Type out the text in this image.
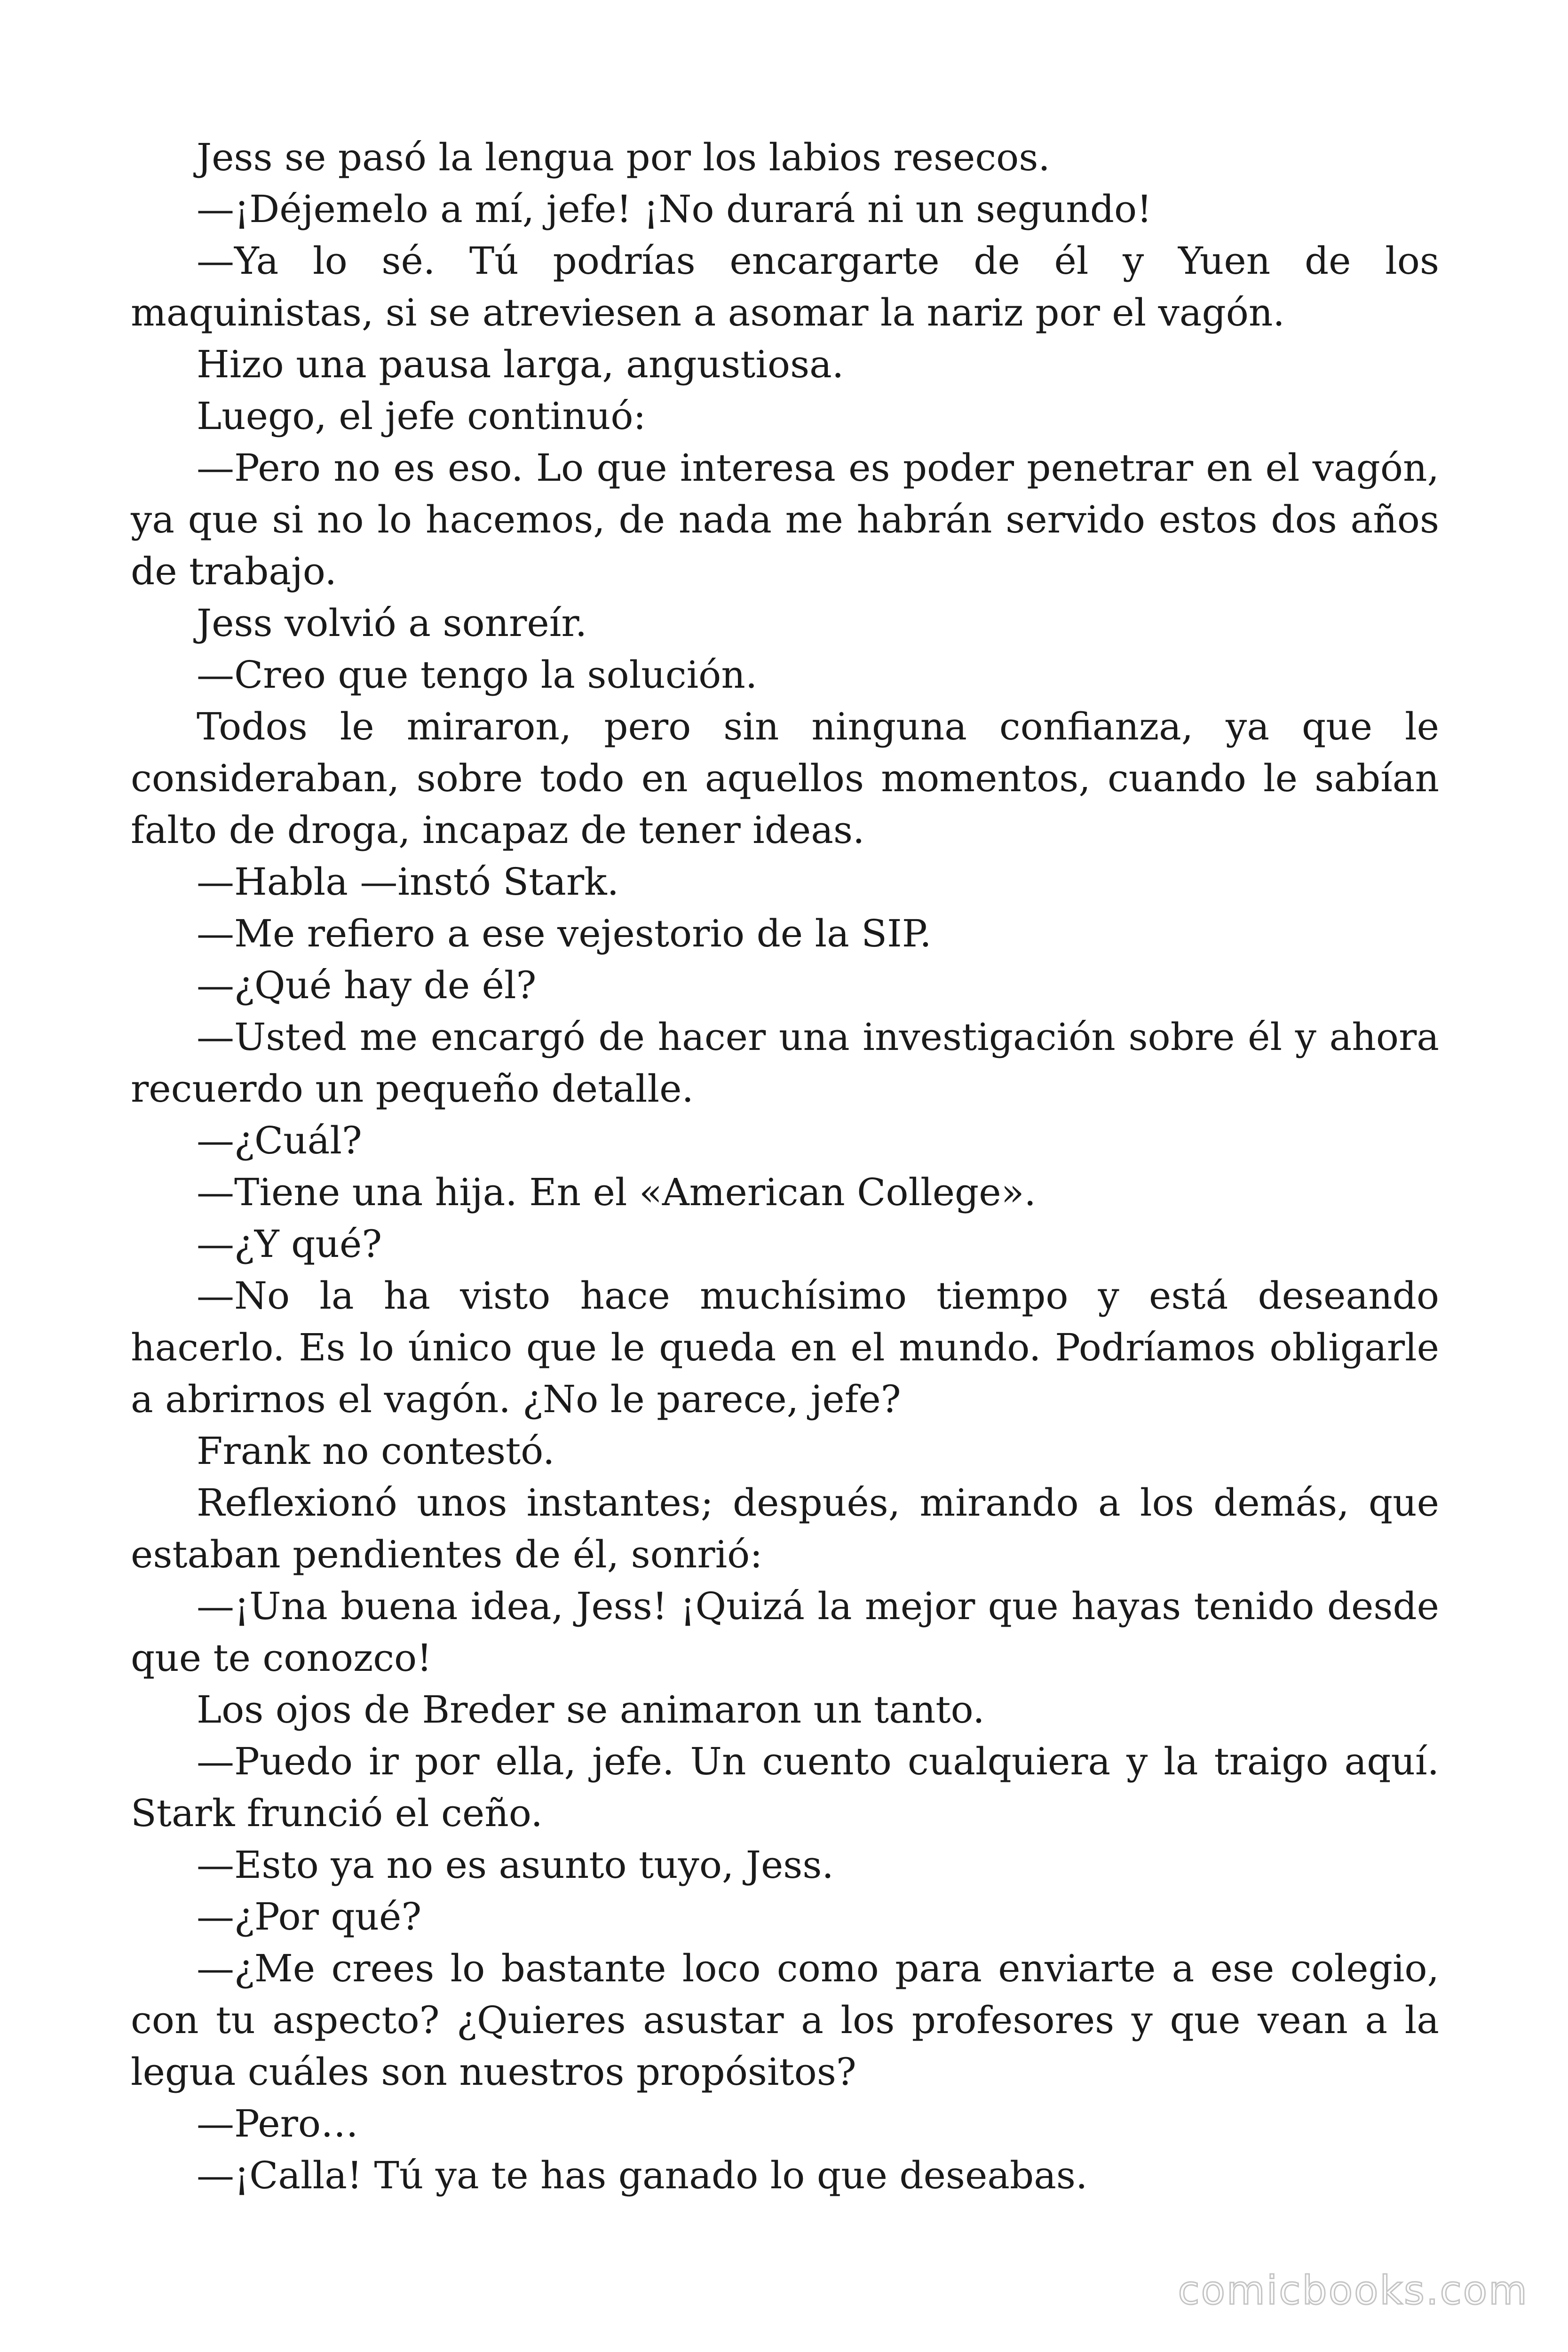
Jess se pasó la lengua por los labios resecos.

—¡Déjemelo a mí, jefe! ¡No durará ni un segundo!

—Ya lo sé. Tú podrías encargarte de él y Yuen de los maquinistas, si se atreviesen a asomar la nariz por el vagón.

Hizo una pausa larga, angustiosa.

Luego, el jefe continuó:

—Pero no es eso. Lo que interesa es poder penetrar en el vagón, ya que si no lo hacemos, de nada me habrán servido estos dos años de trabajo.

Jess volvió a sonreír.

—Creo que tengo la solución.

Todos le miraron, pero sin ninguna confianza, ya que le consideraban, sobre todo en aquellos momentos, cuando le sabían falto de droga, incapaz de tener ideas.

—Habla —instó Stark.

—Me refiero a ese vejestorio de la SIP.

—¿Qué hay de él?

—Usted me encargó de hacer una investigación sobre él y ahora recuerdo un pequeño detalle.

—¿Cuál?

—Tiene una hija. En el «American College».

—¿Y qué?

—No la ha visto hace muchísimo tiempo y está deseando hacerlo. Es lo único que le queda en el mundo. Podríamos obligarle a abrirnos el vagón. ¿No le parece, jefe?

Frank no contestó.

Reflexionó unos instantes; después, mirando a los demás, que estaban pendientes de él, sonrió:

—¡Una buena idea, Jess! ¡Quizá la mejor que hayas tenido desde que te conozco!

Los ojos de Breder se animaron un tanto.

—Puedo ir por ella, jefe. Un cuento cualquiera y la traigo aquí. Stark frunció el ceño.

—Esto ya no es asunto tuyo, Jess.

—¿Por qué?

—¿Me crees lo bastante loco como para enviarte a ese colegio, con tu aspecto? ¿Quieres asustar a los profesores y que vean a la legua cuáles son nuestros propósitos?

—Pero…

—¡Calla! Tú ya te has ganado lo que deseabas.

comicbooks.com
